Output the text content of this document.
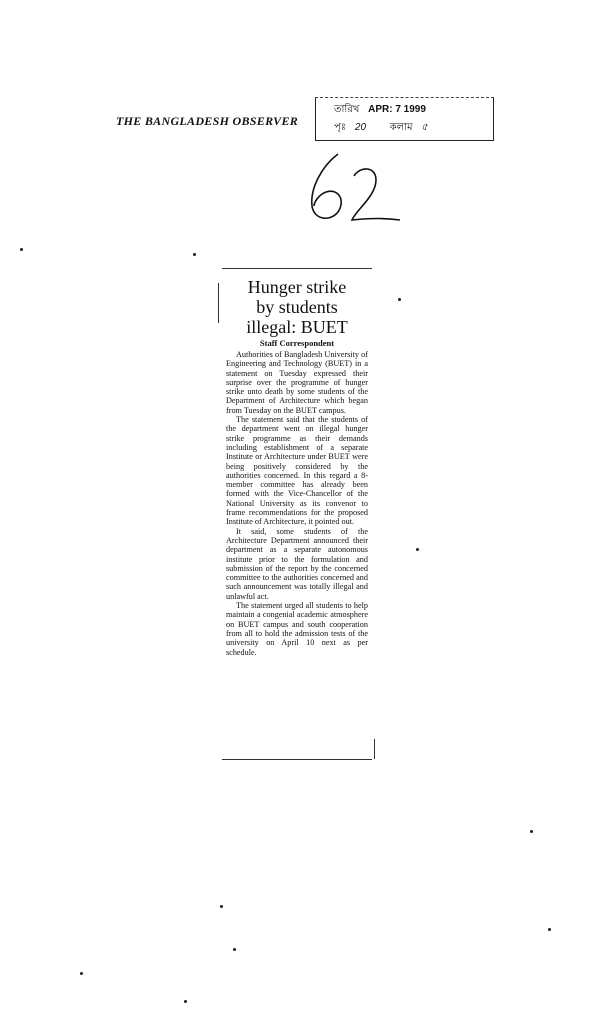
THE BANGLADESH OBSERVER
তারিখ APR: 7 1999
পৃঃ 20 কলাম ৫
62
Hunger strike
by students
illegal: BUET
Staff Correspondent

Authorities of Bangladesh University of Engineering and Technology (BUET) in a statement on Tuesday expressed their surprise over the programme of hunger strike unto death by some students of the Department of Architecture which began from Tuesday on the BUET campus.

The statement said that the students of the department went on illegal hunger strike programme as their demands including establishment of a separate Institute or Architecture under BUET were being positively considered by the authorities concerned. In this regard a 8-member committee has already been formed with the Vice-Chancellor of the National University as its convenor to frame recommendations for the proposed Institute of Architecture, it pointed out.

It said, some students of the Architecture Department announced their department as a separate autonomous institute prior to the formulation and submission of the report by the concerned committee to the authorities concerned and such announcement was totally illegal and unlawful act.

The statement urged all students to help maintain a congenial academic atmosphere on BUET campus and south cooperation from all to hold the admission tests of the university on April 10 next as per schedule.
